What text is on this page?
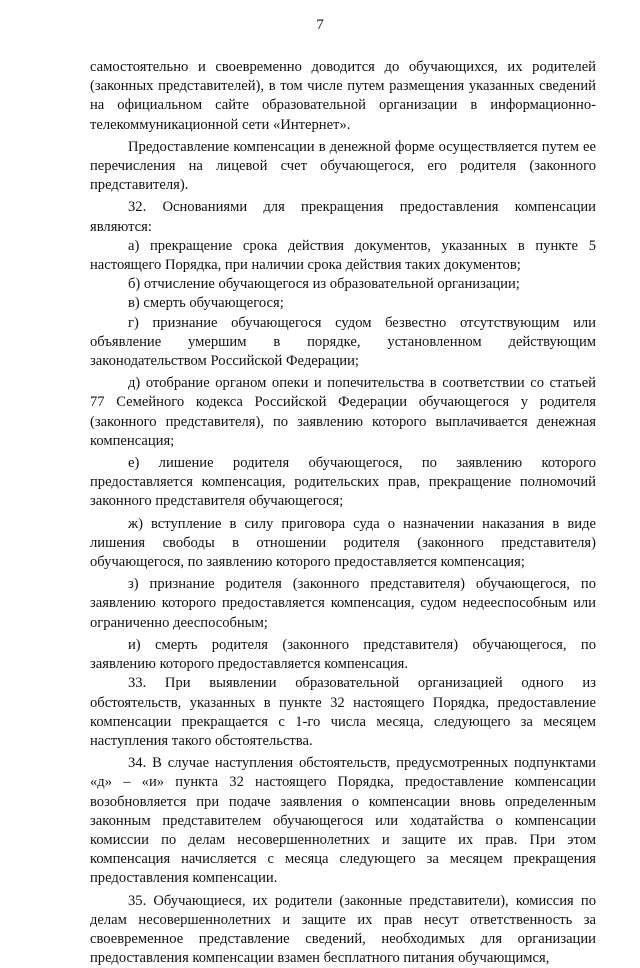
7

самостоятельно и своевременно доводится до обучающихся, их родителей (законных представителей), в том числе путем размещения указанных сведений на официальном сайте образовательной организации в информационно-телекоммуникационной сети «Интернет».

Предоставление компенсации в денежной форме осуществляется путем ее перечисления на лицевой счет обучающегося, его родителя (законного представителя).

32. Основаниями для прекращения предоставления компенсации являются:

а) прекращение срока действия документов, указанных в пункте 5 настоящего Порядка, при наличии срока действия таких документов;

б) отчисление обучающегося из образовательной организации;

в) смерть обучающегося;

г) признание обучающегося судом безвестно отсутствующим или объявление умершим в порядке, установленном действующим законодательством Российской Федерации;

д) отобрание органом опеки и попечительства в соответствии со статьей 77 Семейного кодекса Российской Федерации обучающегося у родителя (законного представителя), по заявлению которого выплачивается денежная компенсация;

е) лишение родителя обучающегося, по заявлению которого предоставляется компенсация, родительских прав, прекращение полномочий законного представителя обучающегося;

ж) вступление в силу приговора суда о назначении наказания в виде лишения свободы в отношении родителя (законного представителя) обучающегося, по заявлению которого предоставляется компенсация;

з) признание родителя (законного представителя) обучающегося, по заявлению которого предоставляется компенсация, судом недееспособным или ограниченно дееспособным;

и) смерть родителя (законного представителя) обучающегося, по заявлению которого предоставляется компенсация.

33. При выявлении образовательной организацией одного из обстоятельств, указанных в пункте 32 настоящего Порядка, предоставление компенсации прекращается с 1-го числа месяца, следующего за месяцем наступления такого обстоятельства.

34. В случае наступления обстоятельств, предусмотренных подпунктами «д» – «и» пункта 32 настоящего Порядка, предоставление компенсации возобновляется при подаче заявления о компенсации вновь определенным законным представителем обучающегося или ходатайства о компенсации комиссии по делам несовершеннолетних и защите их прав. При этом компенсация начисляется с месяца следующего за месяцем прекращения предоставления компенсации.

35. Обучающиеся, их родители (законные представители), комиссия по делам несовершеннолетних и защите их прав несут ответственность за своевременное представление сведений, необходимых для организации предоставления компенсации взамен бесплатного питания обучающимся,
